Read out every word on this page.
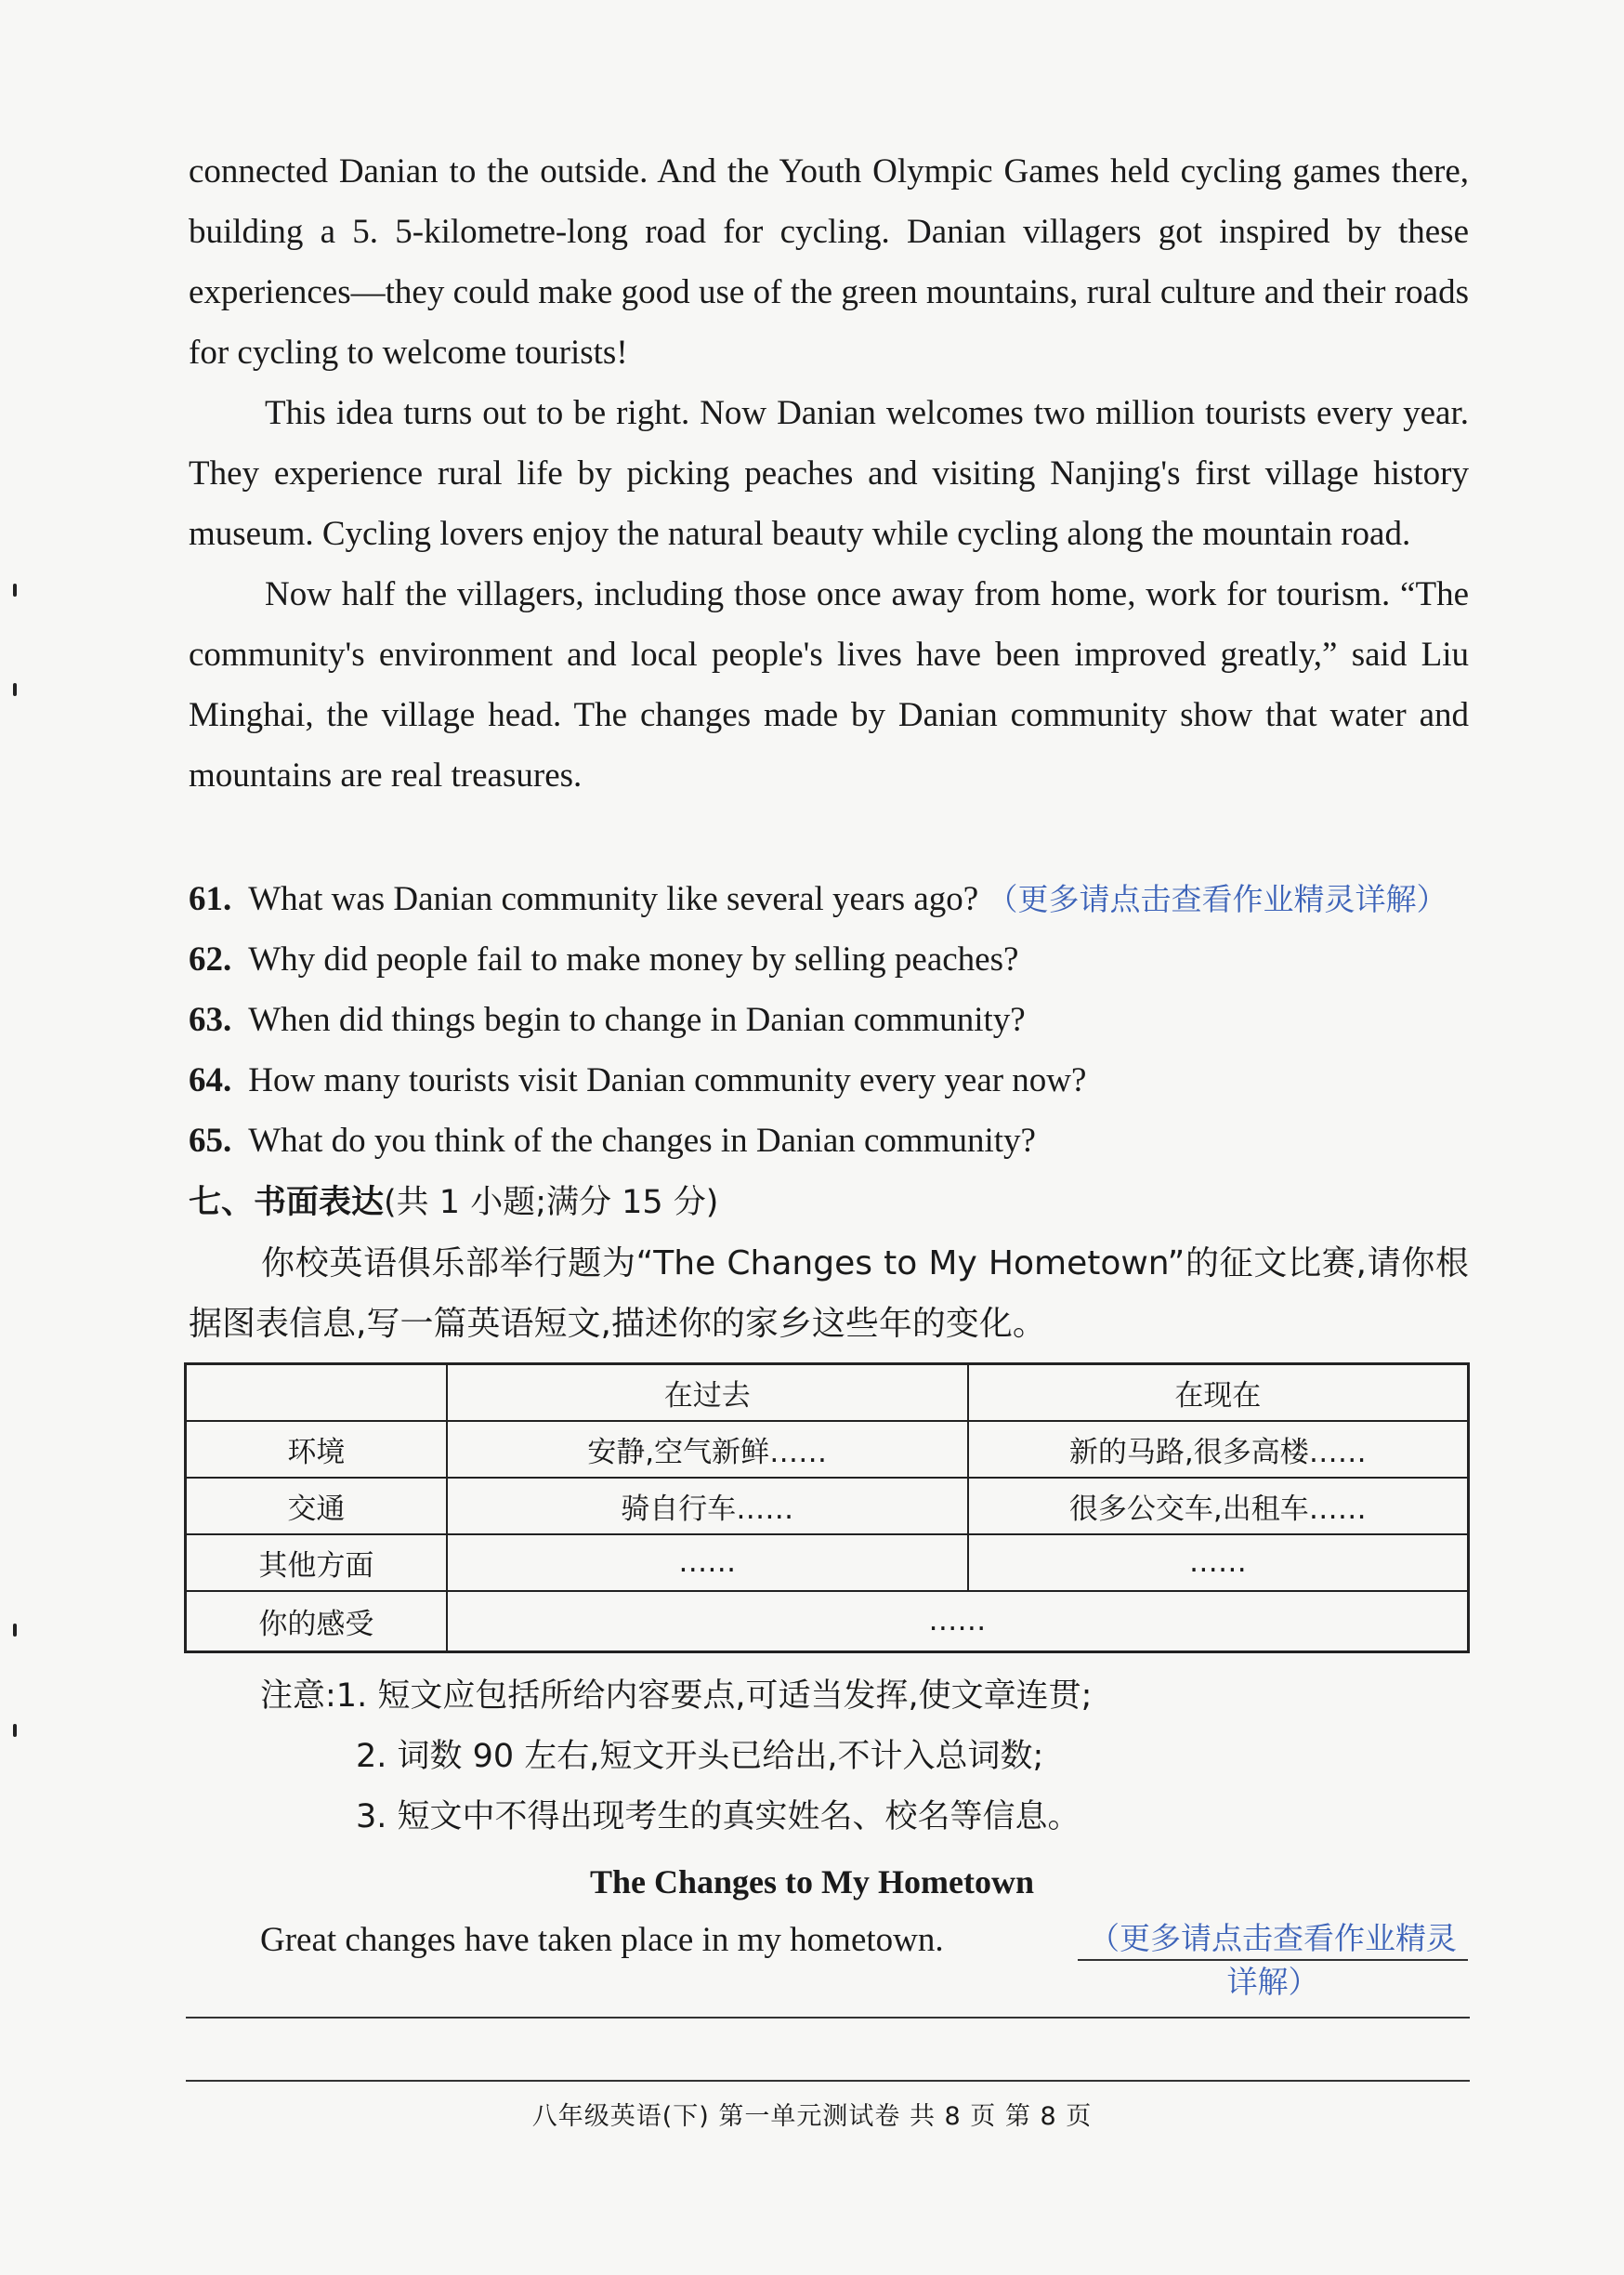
connected Danian to the outside. And the Youth Olympic Games held cycling games there, building a 5. 5-kilometre-long road for cycling. Danian villagers got inspired by these experiences—they could make good use of the green mountains, rural culture and their roads for cycling to welcome tourists!

This idea turns out to be right. Now Danian welcomes two million tourists every year. They experience rural life by picking peaches and visiting Nanjing's first village history museum. Cycling lovers enjoy the natural beauty while cycling along the mountain road.

Now half the villagers, including those once away from home, work for tourism. “The community's environment and local people's lives have been improved greatly,” said Liu Minghai, the village head. The changes made by Danian community show that water and mountains are real treasures.

61. What was Danian community like several years ago? （更多请点击查看作业精灵详解）
62. Why did people fail to make money by selling peaches?
63. When did things begin to change in Danian community?
64. How many tourists visit Danian community every year now?
65. What do you think of the changes in Danian community?
七、书面表达(共 1 小题;满分 15 分)

你校英语俱乐部举行题为“The Changes to My Hometown”的征文比赛,请你根据图表信息,写一篇英语短文,描述你的家乡这些年的变化。

	在过去	在现在
环境	安静,空气新鲜……	新的马路,很多高楼……
交通	骑自行车……	很多公交车,出租车……
其他方面	……	……
你的感受	……	
注意:1. 短文应包括所给内容要点,可适当发挥,使文章连贯;
2. 词数 90 左右,短文开头已给出,不计入总词数;
3. 短文中不得出现考生的真实姓名、校名等信息。
The Changes to My Hometown
Great changes have taken place in my hometown.	（更多请点击查看作业精灵详解）
八年级英语(下) 第一单元测试卷 共 8 页 第 8 页
